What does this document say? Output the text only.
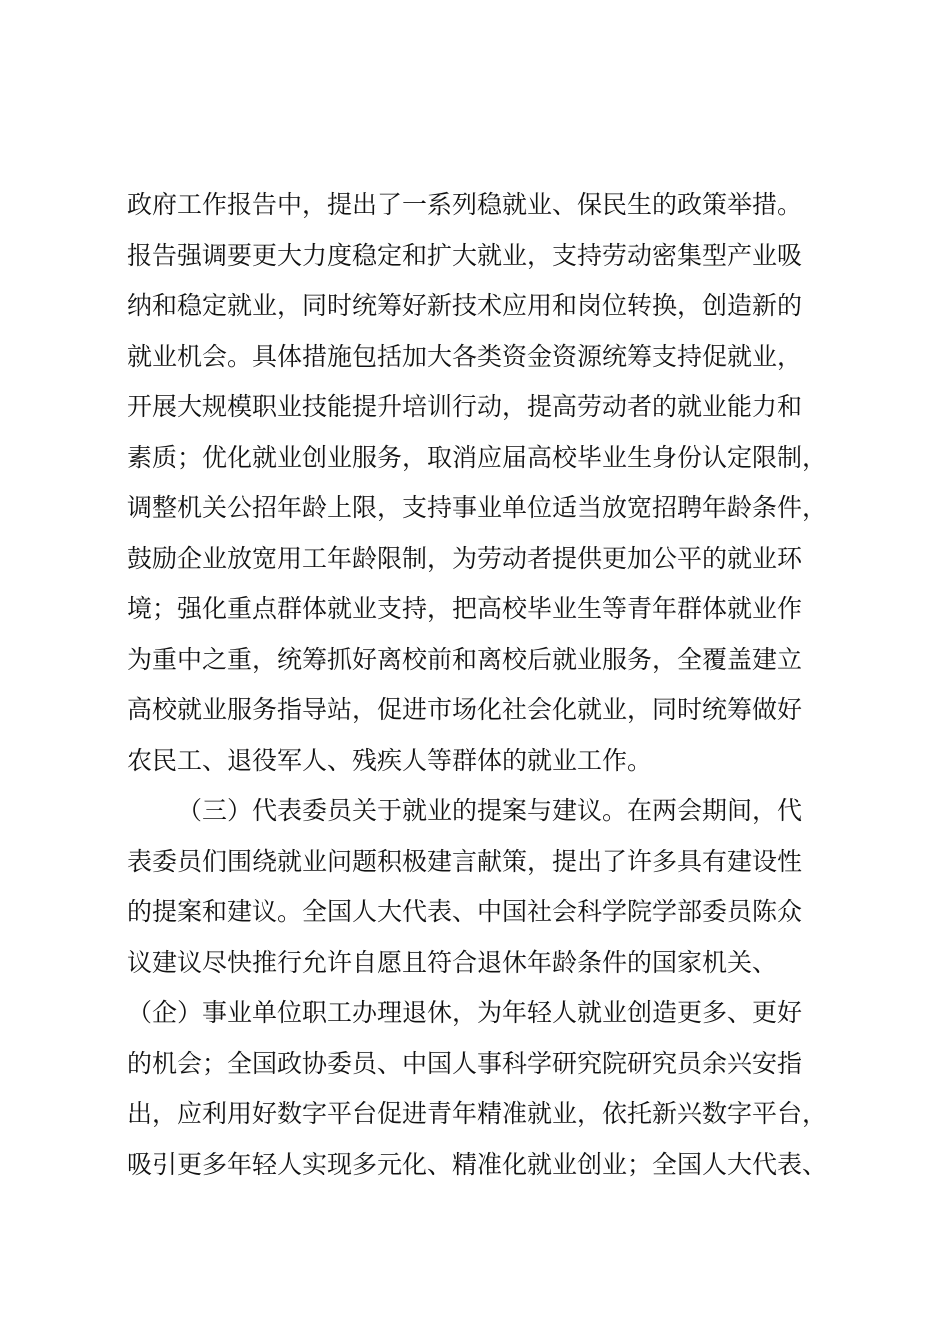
政府工作报告中，提出了一系列稳就业、保民生的政策举措。
报告强调要更大力度稳定和扩大就业，支持劳动密集型产业吸
纳和稳定就业，同时统筹好新技术应用和岗位转换，创造新的
就业机会。具体措施包括加大各类资金资源统筹支持促就业，
开展大规模职业技能提升培训行动，提高劳动者的就业能力和
素质；优化就业创业服务，取消应届高校毕业生身份认定限制，
调整机关公招年龄上限，支持事业单位适当放宽招聘年龄条件，
鼓励企业放宽用工年龄限制，为劳动者提供更加公平的就业环
境；强化重点群体就业支持，把高校毕业生等青年群体就业作
为重中之重，统筹抓好离校前和离校后就业服务，全覆盖建立
高校就业服务指导站，促进市场化社会化就业，同时统筹做好
农民工、退役军人、残疾人等群体的就业工作。
（三）代表委员关于就业的提案与建议。在两会期间，代
表委员们围绕就业问题积极建言献策，提出了许多具有建设性
的提案和建议。全国人大代表、中国社会科学院学部委员陈众
议建议尽快推行允许自愿且符合退休年龄条件的国家机关、
（企）事业单位职工办理退休，为年轻人就业创造更多、更好
的机会；全国政协委员、中国人事科学研究院研究员余兴安指
出，应利用好数字平台促进青年精准就业，依托新兴数字平台，
吸引更多年轻人实现多元化、精准化就业创业；全国人大代表、
